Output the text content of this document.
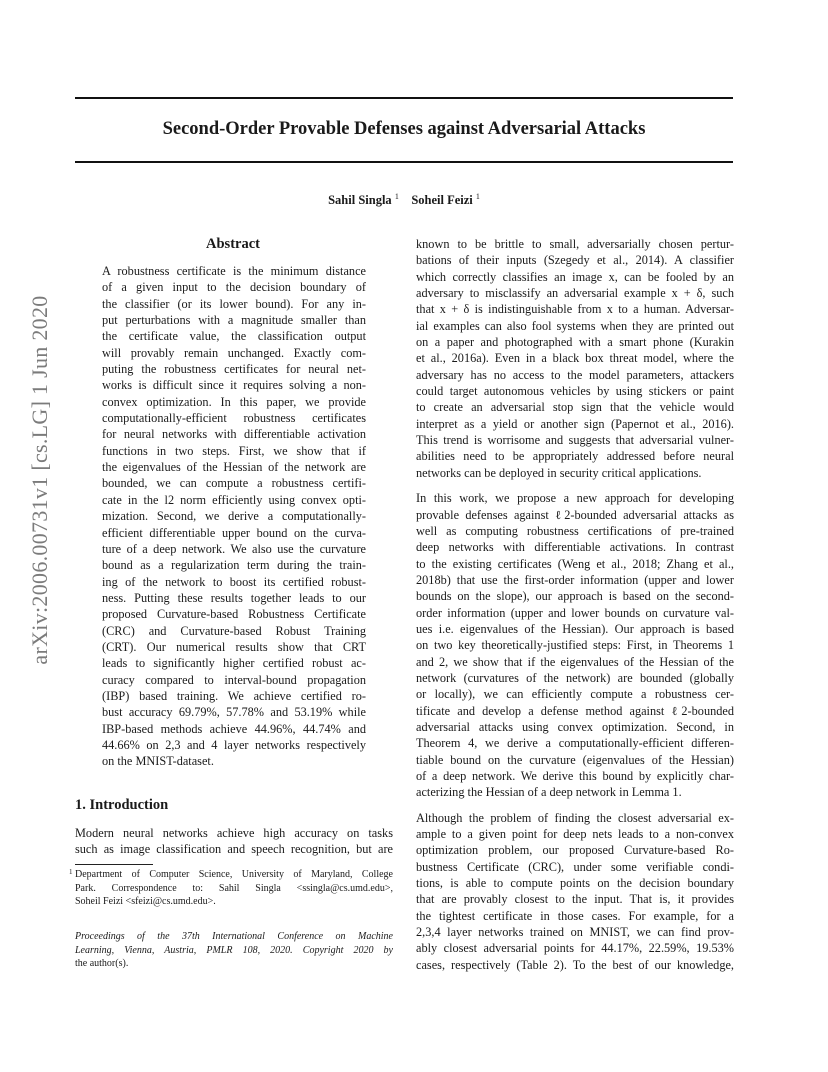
Second-Order Provable Defenses against Adversarial Attacks
Sahil Singla $^1$ Soheil Feizi $^1$
arXiv:2006.00731v1 [cs.LG] 1 Jun 2020
Abstract
A robustness certificate is the minimum distance
of a given input to the decision boundary of
the classifier (or its lower bound). For any in-
put perturbations with a magnitude smaller than
the certificate value, the classification output
will provably remain unchanged. Exactly com-
puting the robustness certificates for neural net-
works is difficult since it requires solving a non-
convex optimization. In this paper, we provide
computationally-efficient robustness certificates
for neural networks with differentiable activation
functions in two steps. First, we show that if
the eigenvalues of the Hessian of the network are
bounded, we can compute a robustness certifi-
cate in the l2 norm efficiently using convex opti-
mization. Second, we derive a computationally-
efficient differentiable upper bound on the curva-
ture of a deep network. We also use the curvature
bound as a regularization term during the train-
ing of the network to boost its certified robust-
ness. Putting these results together leads to our
proposed Curvature-based Robustness Certificate
(CRC) and Curvature-based Robust Training
(CRT). Our numerical results show that CRT
leads to significantly higher certified robust ac-
curacy compared to interval-bound propagation
(IBP) based training. We achieve certified ro-
bust accuracy 69.79%, 57.78% and 53.19% while
IBP-based methods achieve 44.96%, 44.74% and
44.66% on 2,3 and 4 layer networks respectively
on the MNIST-dataset.
1. Introduction
Modern neural networks achieve high accuracy on tasks
such as image classification and speech recognition, but are
1 Department of Computer Science, University of Maryland, College
Park. Correspondence to: Sahil Singla <ssingla@cs.umd.edu>,
Soheil Feizi <sfeizi@cs.umd.edu>.
Proceedings of the 37th International Conference on Machine
Learning, Vienna, Austria, PMLR 108, 2020. Copyright 2020 by
the author(s).
known to be brittle to small, adversarially chosen pertur-
bations of their inputs (Szegedy et al., 2014). A classifier
which correctly classifies an image x, can be fooled by an
adversary to misclassify an adversarial example x + δ, such
that x + δ is indistinguishable from x to a human. Adversar-
ial examples can also fool systems when they are printed out
on a paper and photographed with a smart phone (Kurakin
et al., 2016a). Even in a black box threat model, where the
adversary has no access to the model parameters, attackers
could target autonomous vehicles by using stickers or paint
to create an adversarial stop sign that the vehicle would
interpret as a yield or another sign (Papernot et al., 2016).
This trend is worrisome and suggests that adversarial vulner-
abilities need to be appropriately addressed before neural
networks can be deployed in security critical applications.
In this work, we propose a new approach for developing
provable defenses against ℓ2-bounded adversarial attacks as
well as computing robustness certifications of pre-trained
deep networks with differentiable activations. In contrast
to the existing certificates (Weng et al., 2018; Zhang et al.,
2018b) that use the first-order information (upper and lower
bounds on the slope), our approach is based on the second-
order information (upper and lower bounds on curvature val-
ues i.e. eigenvalues of the Hessian). Our approach is based
on two key theoretically-justified steps: First, in Theorems 1
and 2, we show that if the eigenvalues of the Hessian of the
network (curvatures of the network) are bounded (globally
or locally), we can efficiently compute a robustness cer-
tificate and develop a defense method against ℓ2-bounded
adversarial attacks using convex optimization. Second, in
Theorem 4, we derive a computationally-efficient differen-
tiable bound on the curvature (eigenvalues of the Hessian)
of a deep network. We derive this bound by explicitly char-
acterizing the Hessian of a deep network in Lemma 1.
Although the problem of finding the closest adversarial ex-
ample to a given point for deep nets leads to a non-convex
optimization problem, our proposed Curvature-based Ro-
bustness Certificate (CRC), under some verifiable condi-
tions, is able to compute points on the decision boundary
that are provably closest to the input. That is, it provides
the tightest certificate in those cases. For example, for a
2,3,4 layer networks trained on MNIST, we can find prov-
ably closest adversarial points for 44.17%, 22.59%, 19.53%
cases, respectively (Table 2). To the best of our knowledge,
